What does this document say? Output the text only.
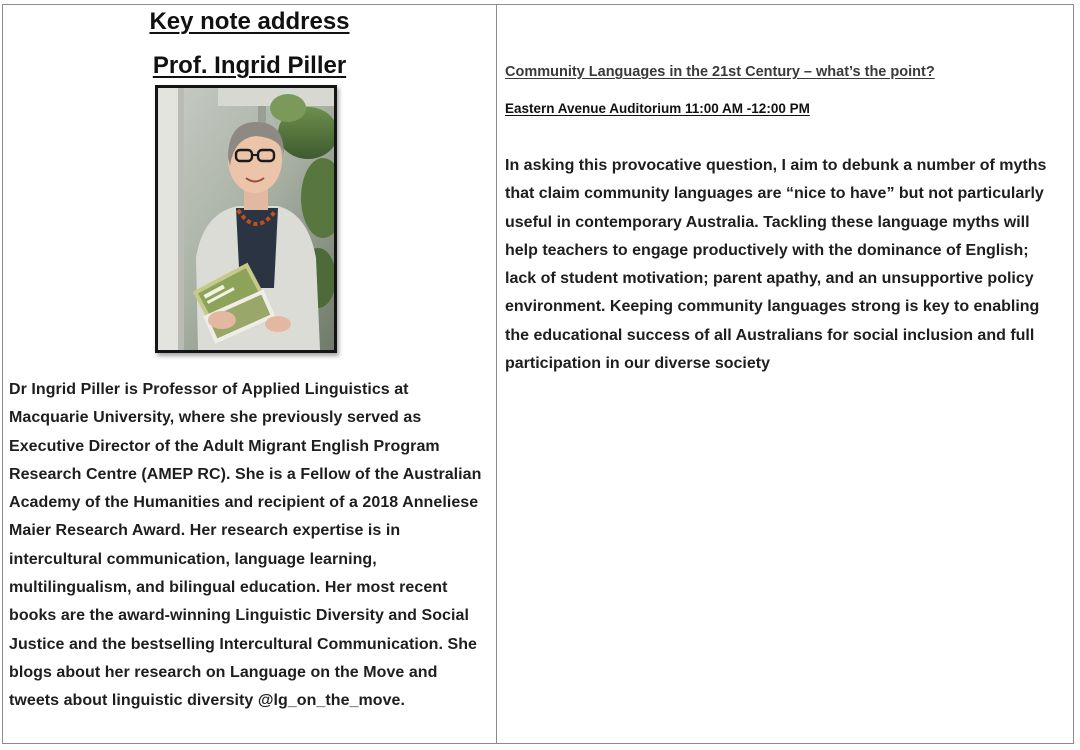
Key note address
Prof. Ingrid Piller
Dr Ingrid Piller is Professor of Applied Linguistics at Macquarie University, where she previously served as Executive Director of the Adult Migrant English Program Research Centre (AMEP RC). She is a Fellow of the Australian Academy of the Humanities and recipient of a 2018 Anneliese Maier Research Award. Her research expertise is in intercultural communication, language learning, multilingualism, and bilingual education. Her most recent books are the award-winning Linguistic Diversity and Social Justice and the bestselling Intercultural Communication. She blogs about her research on Language on the Move and tweets about linguistic diversity @lg_on_the_move.
Community Languages in the 21st Century – what’s the point?
Eastern Avenue Auditorium 11:00 AM -12:00 PM
In asking this provocative question, I aim to debunk a number of myths that claim community languages are “nice to have” but not particularly useful in contemporary Australia. Tackling these language myths will help teachers to engage productively with the dominance of English; lack of student motivation; parent apathy, and an unsupportive policy environment. Keeping community languages strong is key to enabling the educational success of all Australians for social inclusion and full participation in our diverse society
